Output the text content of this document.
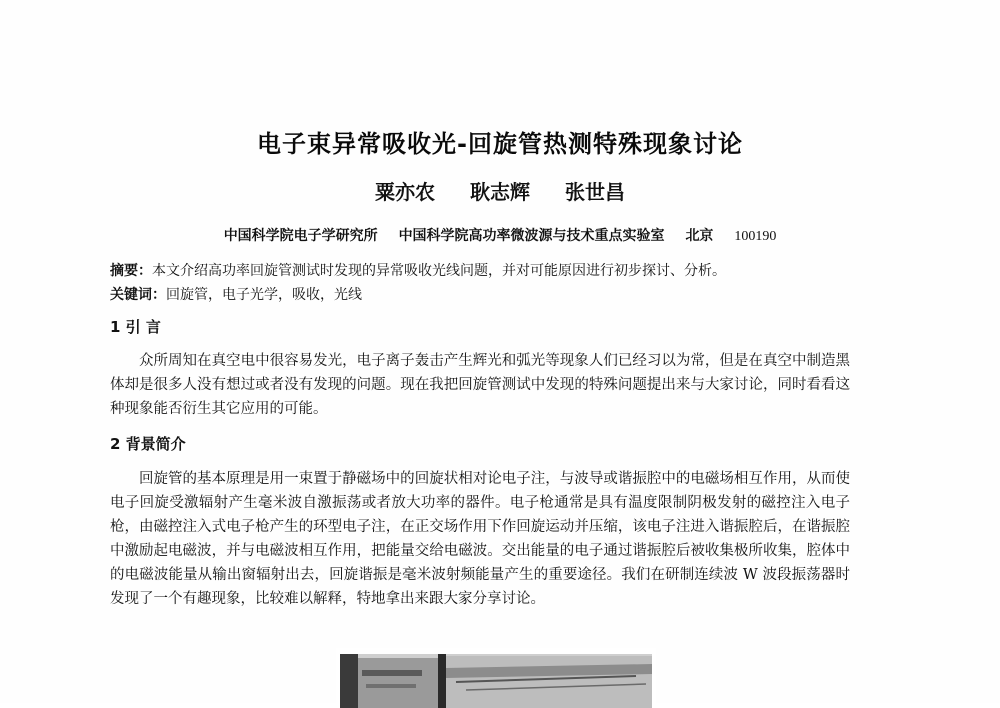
电子束异常吸收光-回旋管热测特殊现象讨论
粟亦农 耿志辉 张世昌
中国科学院电子学研究所 中国科学院高功率微波源与技术重点实验室 北京 100190
摘要：本文介绍高功率回旋管测试时发现的异常吸收光线问题，并对可能原因进行初步探讨、分析。
关键词：回旋管，电子光学，吸收，光线
1 引 言
众所周知在真空电中很容易发光，电子离子轰击产生辉光和弧光等现象人们已经习以为常，但是在真空中制造黑体却是很多人没有想过或者没有发现的问题。现在我把回旋管测试中发现的特殊问题提出来与大家讨论，同时看看这种现象能否衍生其它应用的可能。
2 背景简介
回旋管的基本原理是用一束置于静磁场中的回旋状相对论电子注，与波导或谐振腔中的电磁场相互作用，从而使电子回旋受激辐射产生毫米波自激振荡或者放大功率的器件。电子枪通常是具有温度限制阴极发射的磁控注入电子枪，由磁控注入式电子枪产生的环型电子注，在正交场作用下作回旋运动并压缩，该电子注进入谐振腔后，在谐振腔中激励起电磁波，并与电磁波相互作用，把能量交给电磁波。交出能量的电子通过谐振腔后被收集极所收集，腔体中的电磁波能量从输出窗辐射出去，回旋谐振是毫米波射频能量产生的重要途径。我们在研制连续波 W 波段振荡器时发现了一个有趣现象，比较难以解释，特地拿出来跟大家分享讨论。
